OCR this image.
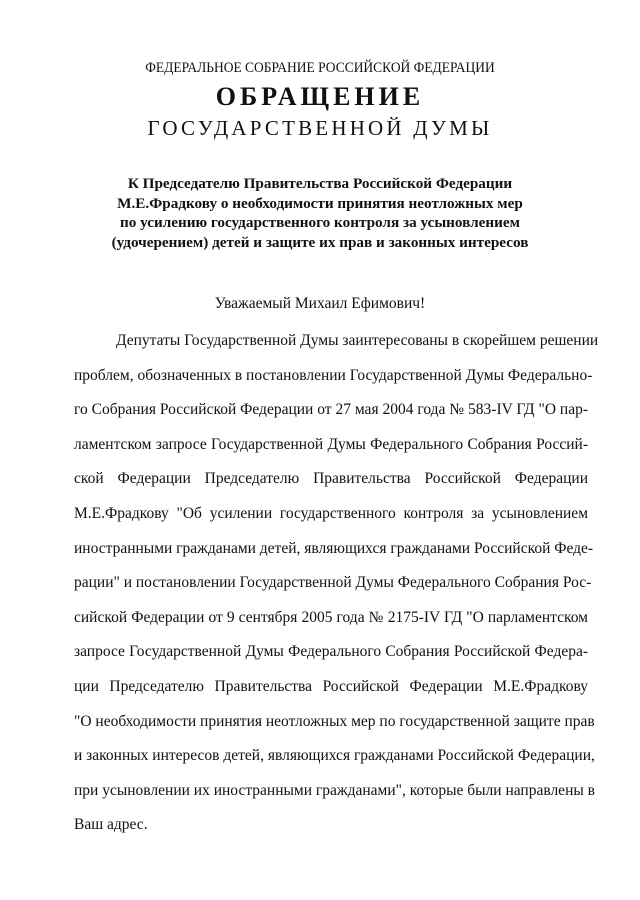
ФЕДЕРАЛЬНОЕ СОБРАНИЕ РОССИЙСКОЙ ФЕДЕРАЦИИ
ОБРАЩЕНИЕ
ГОСУДАРСТВЕННОЙ ДУМЫ
К Председателю Правительства Российской Федерации
М.Е.Фрадкову о необходимости принятия неотложных мер
по усилению государственного контроля за усыновлением
(удочерением) детей и защите их прав и законных интересов
Уважаемый Михаил Ефимович!
Депутаты Государственной Думы заинтересованы в скорейшем решении
проблем, обозначенных в постановлении Государственной Думы Федерально-
го Собрания Российской Федерации от 27 мая 2004 года № 583-IV ГД "О пар-
ламентском запросе Государственной Думы Федерального Собрания Россий-
ской Федерации Председателю Правительства Российской Федерации
М.Е.Фрадкову "Об усилении государственного контроля за усыновлением
иностранными гражданами детей, являющихся гражданами Российской Феде-
рации" и постановлении Государственной Думы Федерального Собрания Рос-
сийской Федерации от 9 сентября 2005 года № 2175-IV ГД "О парламентском
запросе Государственной Думы Федерального Собрания Российской Федера-
ции Председателю Правительства Российской Федерации М.Е.Фрадкову
"О необходимости принятия неотложных мер по государственной защите прав
и законных интересов детей, являющихся гражданами Российской Федерации,
при усыновлении их иностранными гражданами", которые были направлены в
Ваш адрес.
